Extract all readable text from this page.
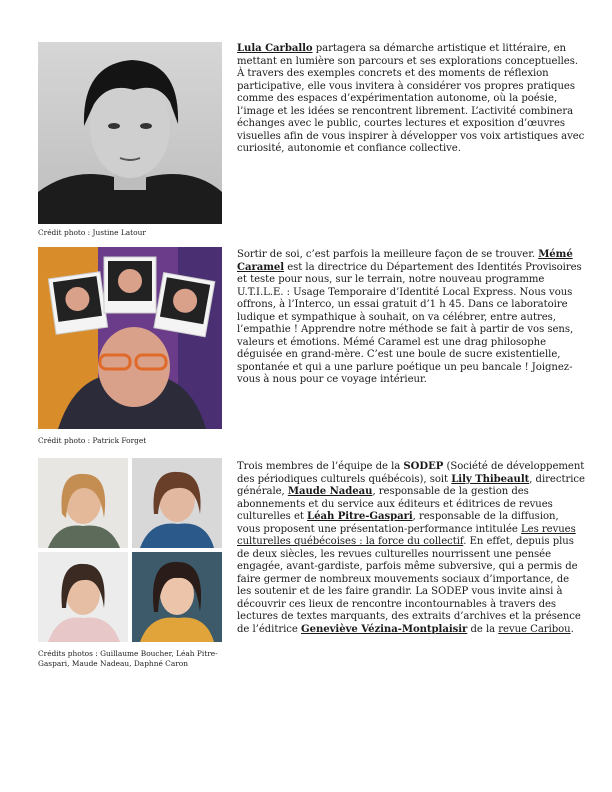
Crédit photo : Justine Latour

Lula Carballo partagera sa démarche artistique et littéraire, en mettant en lumière son parcours et ses explorations conceptuelles. À travers des exemples concrets et des moments de réflexion participative, elle vous invitera à considérer vos propres pratiques comme des espaces d’expérimentation autonome, où la poésie, l’image et les idées se rencontrent librement. L’activité combinera échanges avec le public, courtes lectures et exposition d’œuvres visuelles afin de vous inspirer à développer vos voix artistiques avec curiosité, autonomie et confiance collective.

Crédit photo : Patrick Forget

Sortir de soi, c’est parfois la meilleure façon de se trouver. Mémé Caramel est la directrice du Département des Identités Provisoires et teste pour nous, sur le terrain, notre nouveau programme U.T.I.L.E. : Usage Temporaire d’Identité Local Express. Nous vous offrons, à l’Interco, un essai gratuit d’1 h 45. Dans ce laboratoire ludique et sympathique à souhait, on va célébrer, entre autres, l’empathie ! Apprendre notre méthode se fait à partir de vos sens, valeurs et émotions. Mémé Caramel est une drag philosophe déguisée en grand-mère. C’est une boule de sucre existentielle, spontanée et qui a une parlure poétique un peu bancale ! Joignez-vous à nous pour ce voyage intérieur.

Crédits photos : Guillaume Boucher, Léah Pitre-Gaspari, Maude Nadeau, Daphné Caron

Trois membres de l’équipe de la SODEP (Société de développement des périodiques culturels québécois), soit Lily Thibeault, directrice générale, Maude Nadeau, responsable de la gestion des abonnements et du service aux éditeurs et éditrices de revues culturelles et Léah Pitre-Gaspari, responsable de la diffusion, vous proposent une présentation-performance intitulée Les revues culturelles québécoises : la force du collectif. En effet, depuis plus de deux siècles, les revues culturelles nourrissent une pensée engagée, avant-gardiste, parfois même subversive, qui a permis de faire germer de nombreux mouvements sociaux d’importance, de les soutenir et de les faire grandir. La SODEP vous invite ainsi à découvrir ces lieux de rencontre incontournables à travers des lectures de textes marquants, des extraits d’archives et la présence de l’éditrice Geneviève Vézina-Montplaisir de la revue Caribou.
